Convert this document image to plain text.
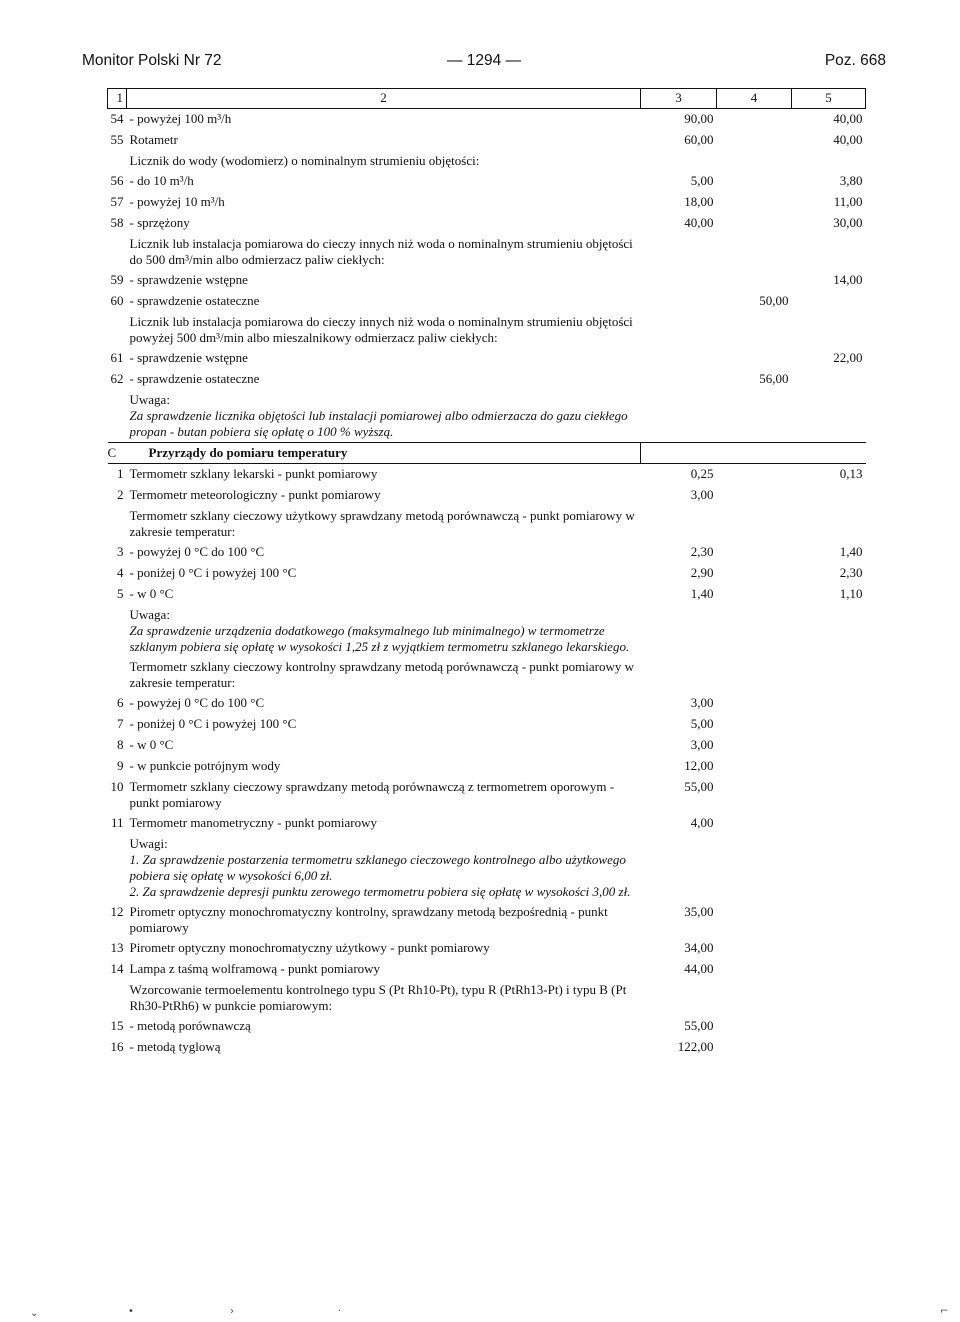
Monitor Polski Nr 72	— 1294 —	Poz. 668
1	2	3	4	5
54	- powyżej 100 m³/h	90,00		40,00
55	Rotametr	60,00		40,00
	Licznik do wody (wodomierz) o nominalnym strumieniu objętości:			
56	- do 10 m³/h	5,00		3,80
57	- powyżej 10 m³/h	18,00		11,00
58	- sprzężony	40,00		30,00
	Licznik lub instalacja pomiarowa do cieczy innych niż woda o nominalnym strumieniu objętości do 500 dm³/min albo odmierzacz paliw ciekłych:			
59	- sprawdzenie wstępne			14,00
60	- sprawdzenie ostateczne		50,00	
	Licznik lub instalacja pomiarowa do cieczy innych niż woda o nominalnym strumieniu objętości powyżej 500 dm³/min albo mieszalnikowy odmierzacz paliw ciekłych:			
61	- sprawdzenie wstępne			22,00
62	- sprawdzenie ostateczne		56,00	

	Uwaga:
Za sprawdzenie licznika objętości lub instalacji pomiarowej albo odmierzacza do gazu ciekłego propan - butan pobiera się opłatę o 100 % wyższą.			

C	Przyrządy do pomiaru temperatury			
1	Termometr szklany lekarski - punkt pomiarowy	0,25		0,13
2	Termometr meteorologiczny - punkt pomiarowy	3,00		
	Termometr szklany cieczowy użytkowy sprawdzany metodą porównawczą - punkt pomiarowy w zakresie temperatur:			
3	- powyżej 0 °C do 100 °C	2,30		1,40
4	- poniżej 0 °C i powyżej 100 °C	2,90		2,30
5	- w 0 °C	1,40		1,10

	Uwaga:
Za sprawdzenie urządzenia dodatkowego (maksymalnego lub minimalnego) w termometrze szklanym pobiera się opłatę w wysokości 1,25 zł z wyjątkiem termometru szklanego lekarskiego.			

	Termometr szklany cieczowy kontrolny sprawdzany metodą porównawczą - punkt pomiarowy w zakresie temperatur:			
6	- powyżej 0 °C do 100 °C	3,00		
7	- poniżej 0 °C i powyżej 100 °C	5,00		
8	- w 0 °C	3,00		
9	- w punkcie potrójnym wody	12,00		
10	Termometr szklany cieczowy sprawdzany metodą porównawczą z termometrem oporowym - punkt pomiarowy	55,00		
11	Termometr manometryczny - punkt pomiarowy	4,00		

	Uwagi:
1. Za sprawdzenie postarzenia termometru szklanego cieczowego kontrolnego albo użytkowego pobiera się opłatę w wysokości 6,00 zł.
2. Za sprawdzenie depresji punktu zerowego termometru pobiera się opłatę w wysokości 3,00 zł.			

12	Pirometr optyczny monochromatyczny kontrolny, sprawdzany metodą bezpośrednią - punkt pomiarowy	35,00		
13	Pirometr optyczny monochromatyczny użytkowy - punkt pomiarowy	34,00		
14	Lampa z taśmą wolframową - punkt pomiarowy	44,00		
	Wzorcowanie termoelementu kontrolnego typu S (Pt Rh10-Pt), typu R (PtRh13-Pt) i typu B (Pt Rh30-PtRh6) w punkcie pomiarowym:			
15	- metodą porównawczą	55,00		
16	- metodą tyglową	122,00		
⌄	•	›	·	⌐
